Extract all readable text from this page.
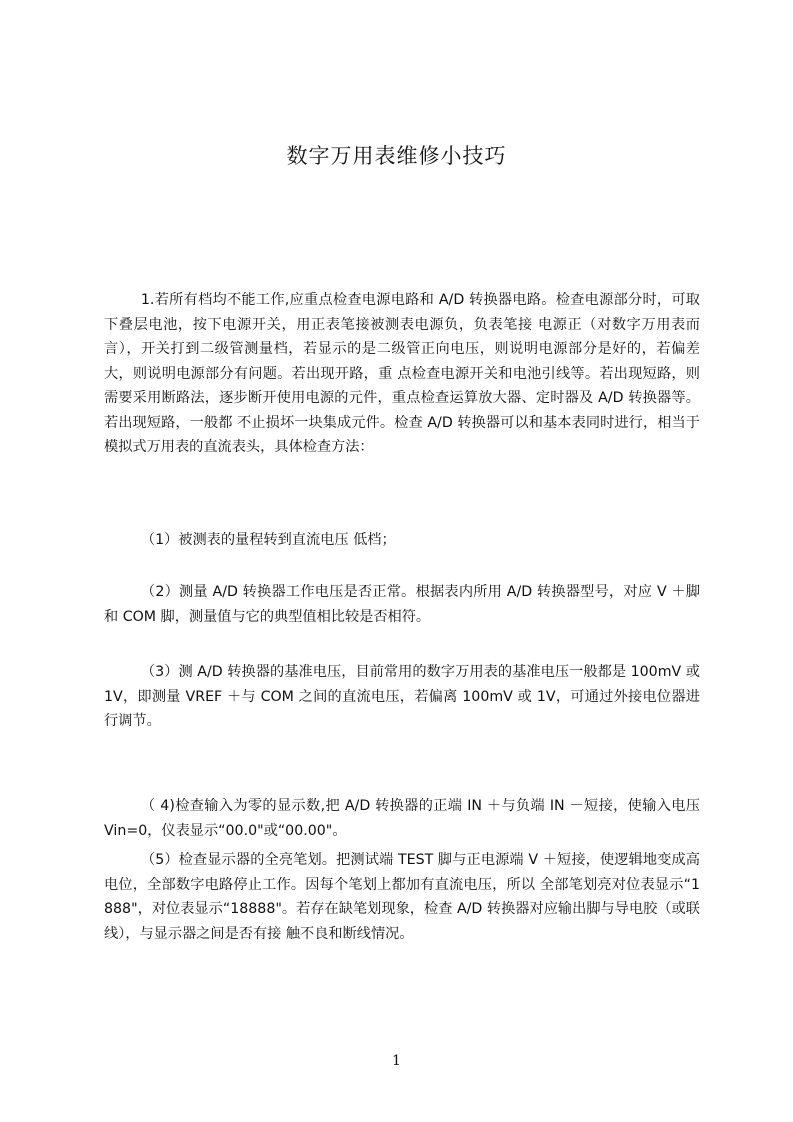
数字万用表维修小技巧

1.若所有档均不能工作,应重点检查电源电路和 A/D 转换器电路。检查电源部分时，可取下叠层电池，按下电源开关，用正表笔接被测表电源负，负表笔接 电源正（对数字万用表而言），开关打到二级管测量档，若显示的是二级管正向电压，则说明电源部分是好的，若偏差大，则说明电源部分有问题。若出现开路，重 点检查电源开关和电池引线等。若出现短路，则需要采用断路法，逐步断开使用电源的元件，重点检查运算放大器、定时器及 A/D 转换器等。若出现短路，一般都 不止损坏一块集成元件。检查 A/D 转换器可以和基本表同时进行，相当于模拟式万用表的直流表头，具体检查方法：

（1）被测表的量程转到直流电压 低档；

（2）测量 A/D 转换器工作电压是否正常。根据表内所用 A/D 转换器型号，对应 V ＋脚和 COM 脚，测量值与它的典型值相比较是否相符。

（3）测 A/D 转换器的基准电压，目前常用的数字万用表的基准电压一般都是 100mV 或 1V，即测量 VREF ＋与 COM 之间的直流电压，若偏离 100mV 或 1V，可通过外接电位器进行调节。

（ 4)检查输入为零的显示数,把 A/D 转换器的正端 IN ＋与负端 IN －短接，使输入电压 Vin=0，仪表显示“00.0"或“00.00"。

（5）检查显示器的全亮笔划。把测试端 TEST 脚与正电源端 V ＋短接，使逻辑地变成高电位，全部数字电路停止工作。因每个笔划上都加有直流电压，所以 全部笔划亮对位表显示“1888"，对位表显示“18888"。若存在缺笔划现象，检查 A/D 转换器对应输出脚与导电胶（或联线），与显示器之间是否有接 触不良和断线情况。

1
